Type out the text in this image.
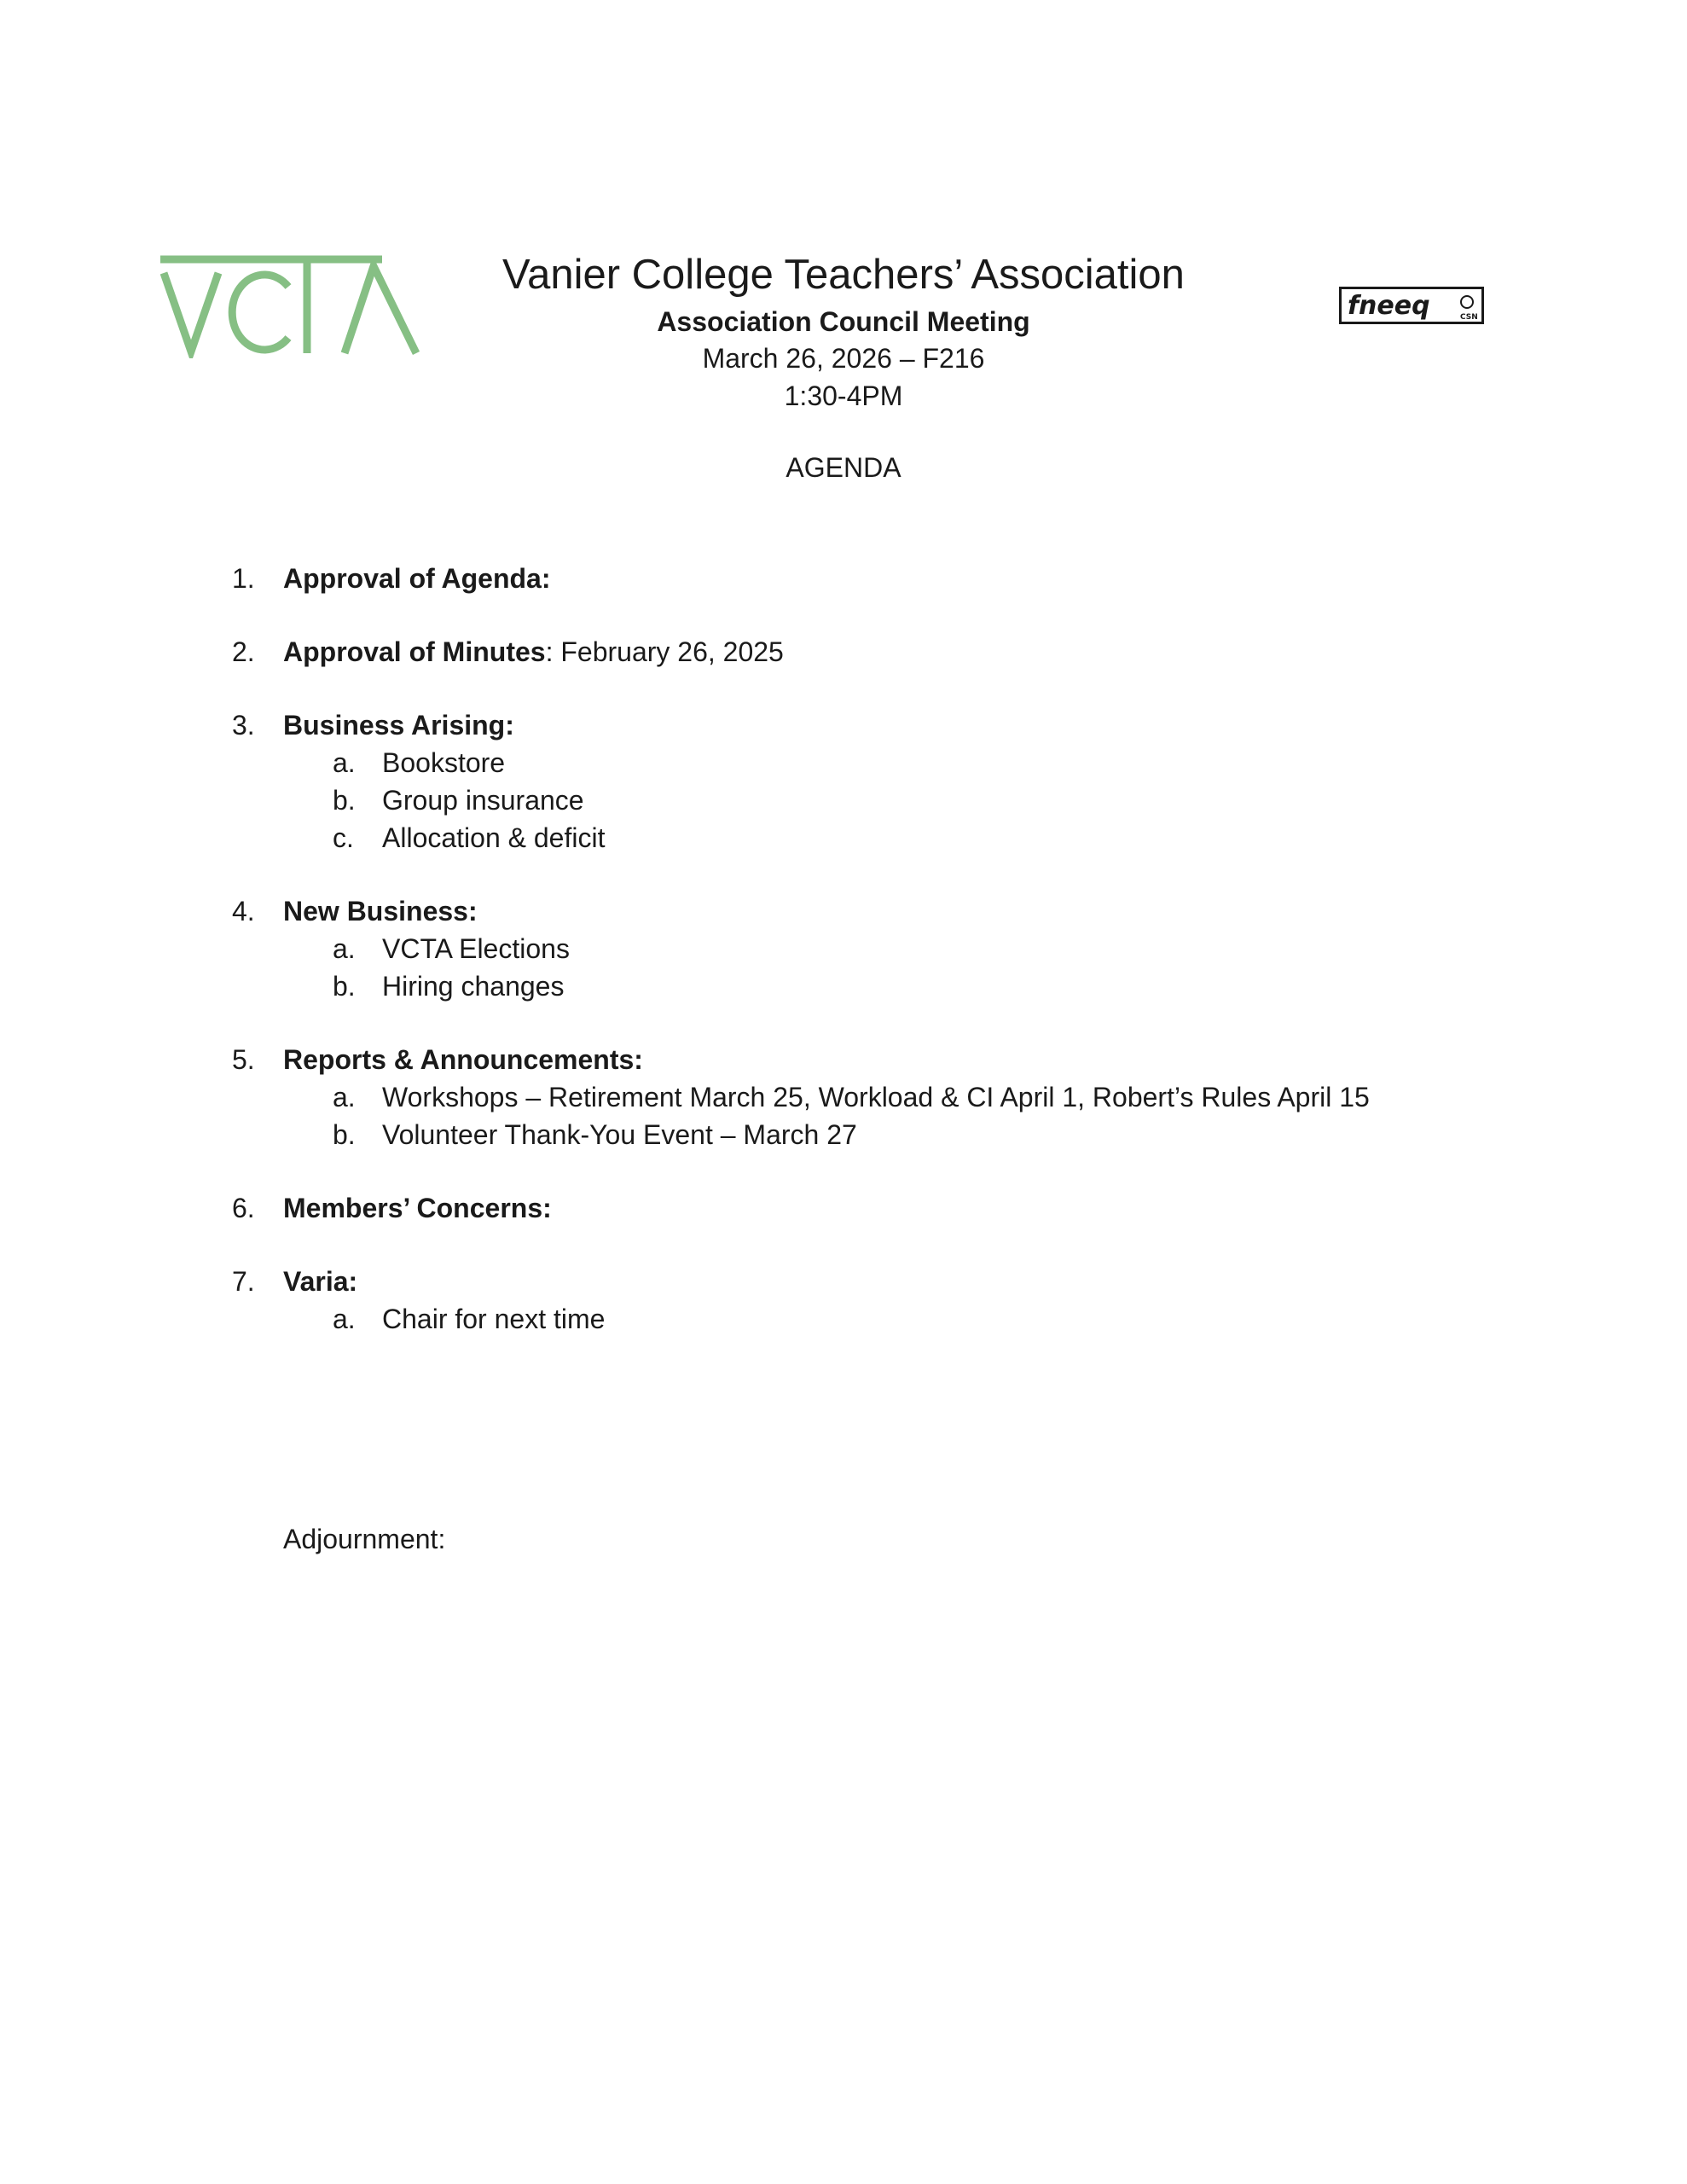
fneeq	CSN
Vanier College Teachers’ Association

Association Council Meeting

March 26, 2026 – F216

1:30-4PM

AGENDA

1.	Approval of Agenda:
2.	Approval of Minutes: February 26, 2025
3.	Business Arising:
a. Bookstore
b. Group insurance
c. Allocation & deficit
4.	New Business:
a. VCTA Elections
b. Hiring changes
5.	Reports & Announcements:
a. Workshops – Retirement March 25, Workload & CI April 1, Robert’s Rules April 15
b. Volunteer Thank-You Event – March 27
6.	Members’ Concerns:
7.	Varia:
a. Chair for next time
Adjournment:
